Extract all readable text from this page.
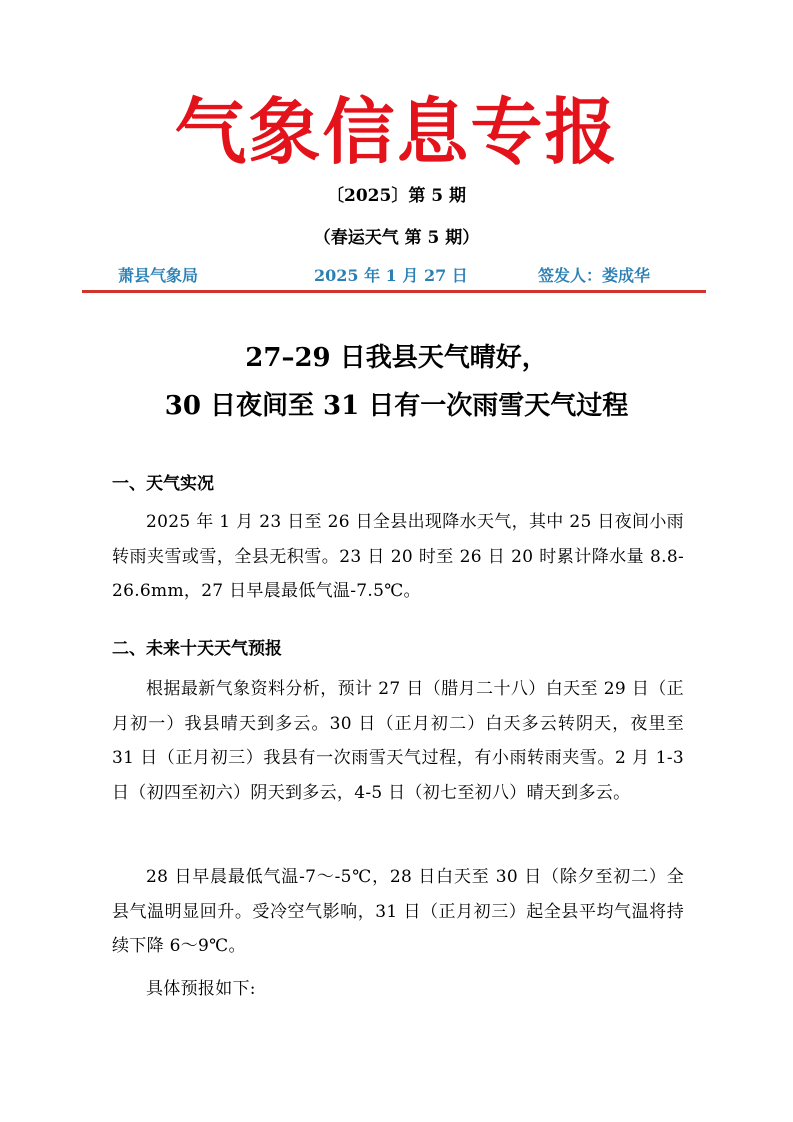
气象信息专报
〔2025〕第 5 期
（春运天气 第 5 期）
萧县气象局	2025 年 1 月 27 日	签发人：娄成华
27–29 日我县天气晴好，
30 日夜间至 31 日有一次雨雪天气过程
一、天气实况
2025 年 1 月 23 日至 26 日全县出现降水天气，其中 25 日夜间小雨转雨夹雪或雪，全县无积雪。23 日 20 时至 26 日 20 时累计降水量 8.8-26.6mm，27 日早晨最低气温-7.5℃。
二、未来十天天气预报
根据最新气象资料分析，预计 27 日（腊月二十八）白天至 29 日（正月初一）我县晴天到多云。30 日（正月初二）白天多云转阴天，夜里至 31 日（正月初三）我县有一次雨雪天气过程，有小雨转雨夹雪。2 月 1-3 日（初四至初六）阴天到多云，4-5 日（初七至初八）晴天到多云。
28 日早晨最低气温-7～-5℃，28 日白天至 30 日（除夕至初二）全县气温明显回升。受冷空气影响，31 日（正月初三）起全县平均气温将持续下降 6～9℃。
具体预报如下:
